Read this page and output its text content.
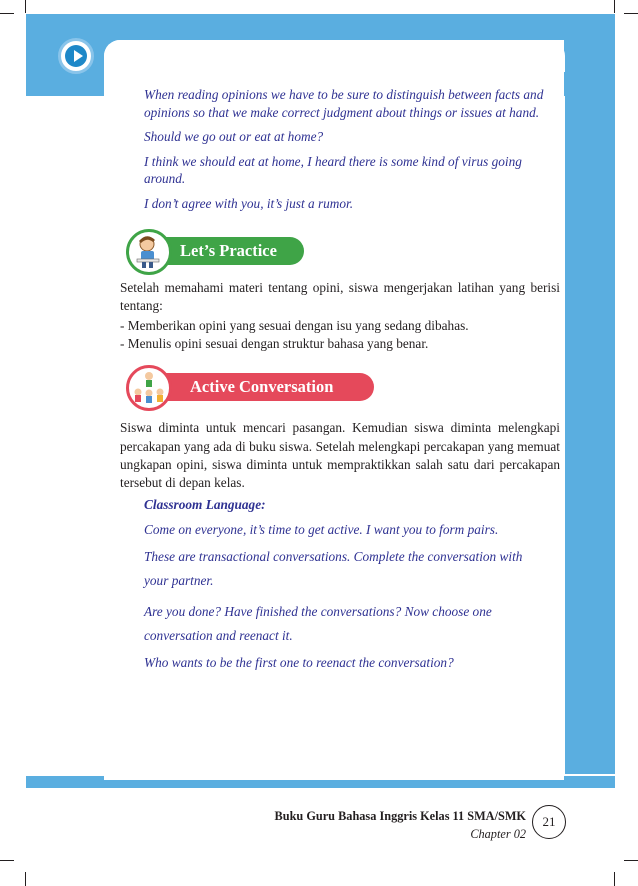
When reading opinions we have to be sure to distinguish between facts and opinions so that we make correct judgment about things or issues at hand.

Should we go out or eat at home?

I think we should eat at home, I heard there is some kind of virus going around.

I don’t agree with you, it’s just a rumor.

Let’s Practice

Setelah memahami materi tentang opini, siswa mengerjakan latihan yang berisi tentang:

- Memberikan opini yang sesuai dengan isu yang sedang dibahas.

- Menulis opini sesuai dengan struktur bahasa yang benar.

Active Conversation

Siswa diminta untuk mencari pasangan. Kemudian siswa diminta melengkapi percakapan yang ada di buku siswa. Setelah melengkapi percakapan yang memuat ungkapan opini, siswa diminta untuk mempraktikkan salah satu dari percakapan tersebut di depan kelas.

Classroom Language:

Come on everyone, it’s time to get active. I want you to form pairs.

These are transactional conversations. Complete the conversation with your partner.

Are you done? Have finished the conversations? Now choose one conversation and reenact it.

Who wants to be the first one to reenact the conversation?

Buku Guru Bahasa Inggris Kelas 11 SMA/SMK
Chapter 02
21
